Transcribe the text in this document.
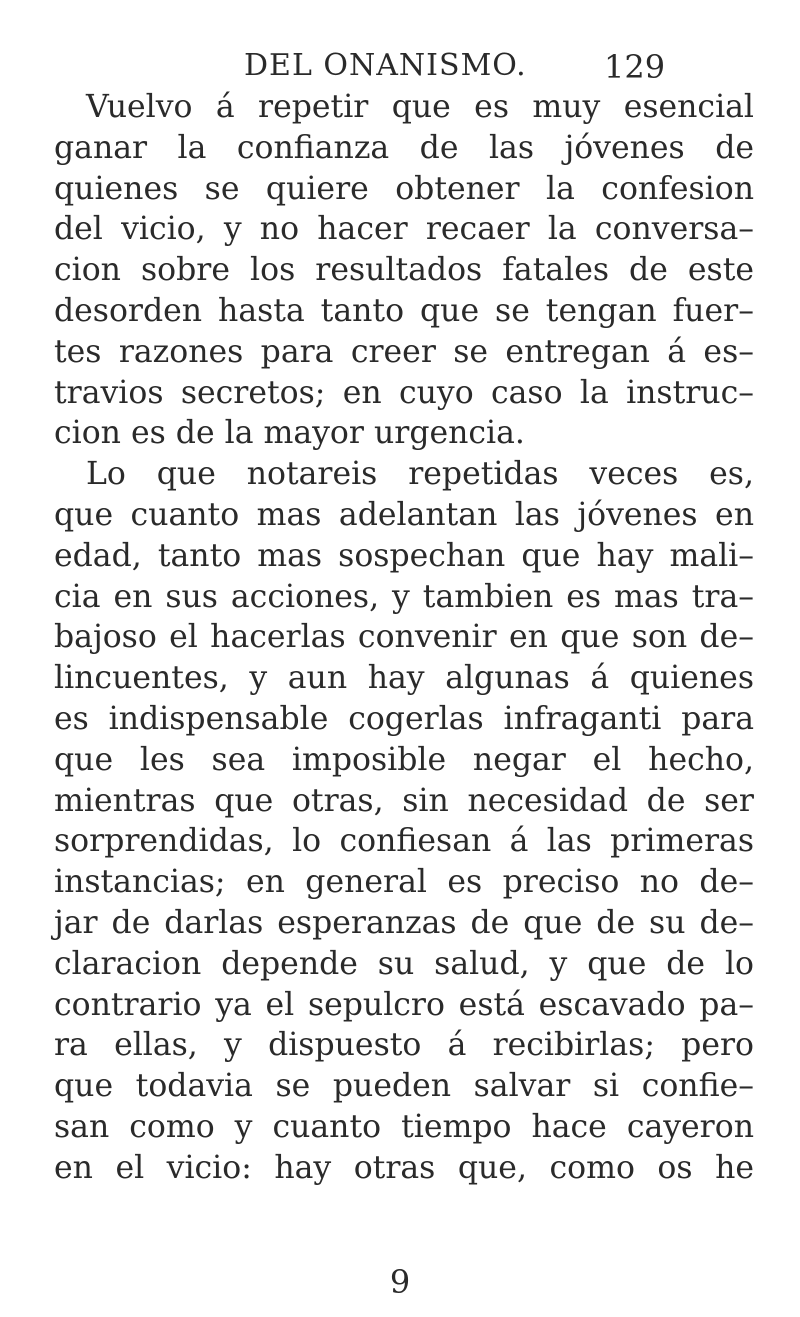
DEL ONANISMO. 129
Vuelvo á repetir que es muy esencial
ganar la confianza de las jóvenes de
quienes se quiere obtener la confesion
del vicio, y no hacer recaer la conversa–
cion sobre los resultados fatales de este
desorden hasta tanto que se tengan fuer–
tes razones para creer se entregan á es–
travios secretos; en cuyo caso la instruc–
cion es de la mayor urgencia.
Lo que notareis repetidas veces es,
que cuanto mas adelantan las jóvenes en
edad, tanto mas sospechan que hay mali–
cia en sus acciones, y tambien es mas tra–
bajoso el hacerlas convenir en que son de–
lincuentes, y aun hay algunas á quienes
es indispensable cogerlas infraganti para
que les sea imposible negar el hecho,
mientras que otras, sin necesidad de ser
sorprendidas, lo confiesan á las primeras
instancias; en general es preciso no de–
jar de darlas esperanzas de que de su de–
claracion depende su salud, y que de lo
contrario ya el sepulcro está escavado pa–
ra ellas, y dispuesto á recibirlas; pero
que todavia se pueden salvar si confie–
san como y cuanto tiempo hace cayeron
en el vicio: hay otras que, como os he
9
